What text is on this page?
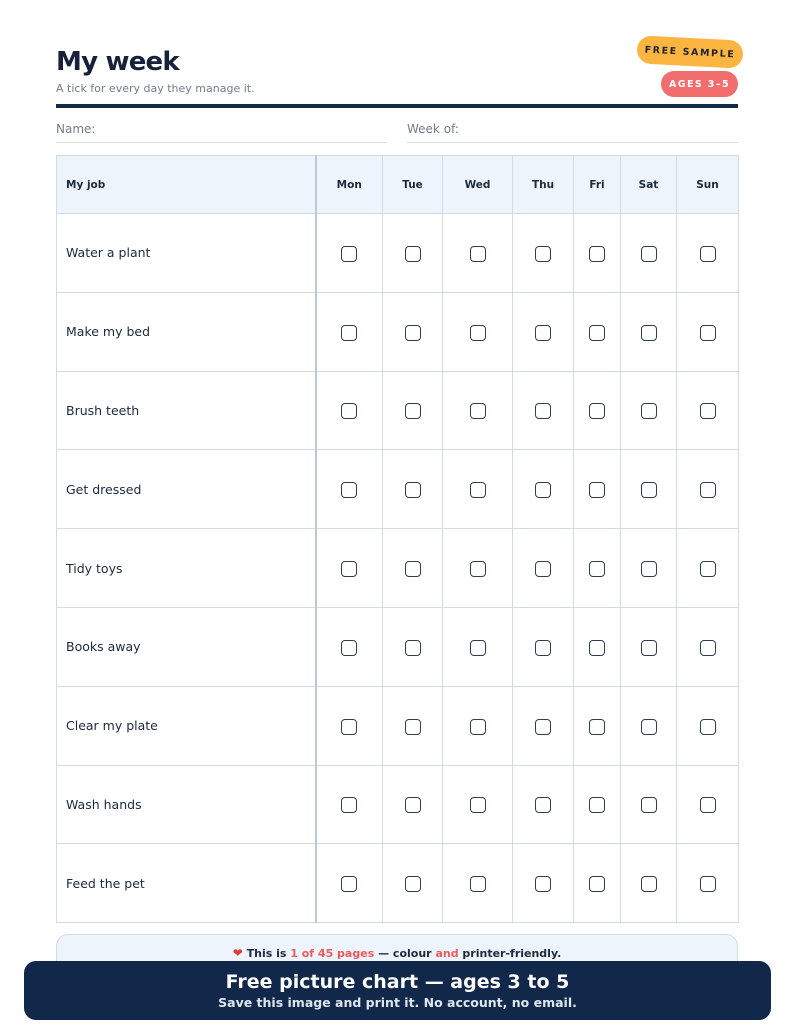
My week
A tick for every day they manage it.
FREE SAMPLE
AGES 3–5
Name:	Week of:
My job	Mon	Tue	Wed	Thu	Fri	Sat	Sun
Water a plant							
Make my bed							
Brush teeth							
Get dressed							
Tidy toys							
Books away							
Clear my plate							
Wash hands							
Feed the pet							
❤ This is 1 of 45 pages — colour and printer-friendly.
Free picture chart — ages 3 to 5
Save this image and print it. No account, no email.
